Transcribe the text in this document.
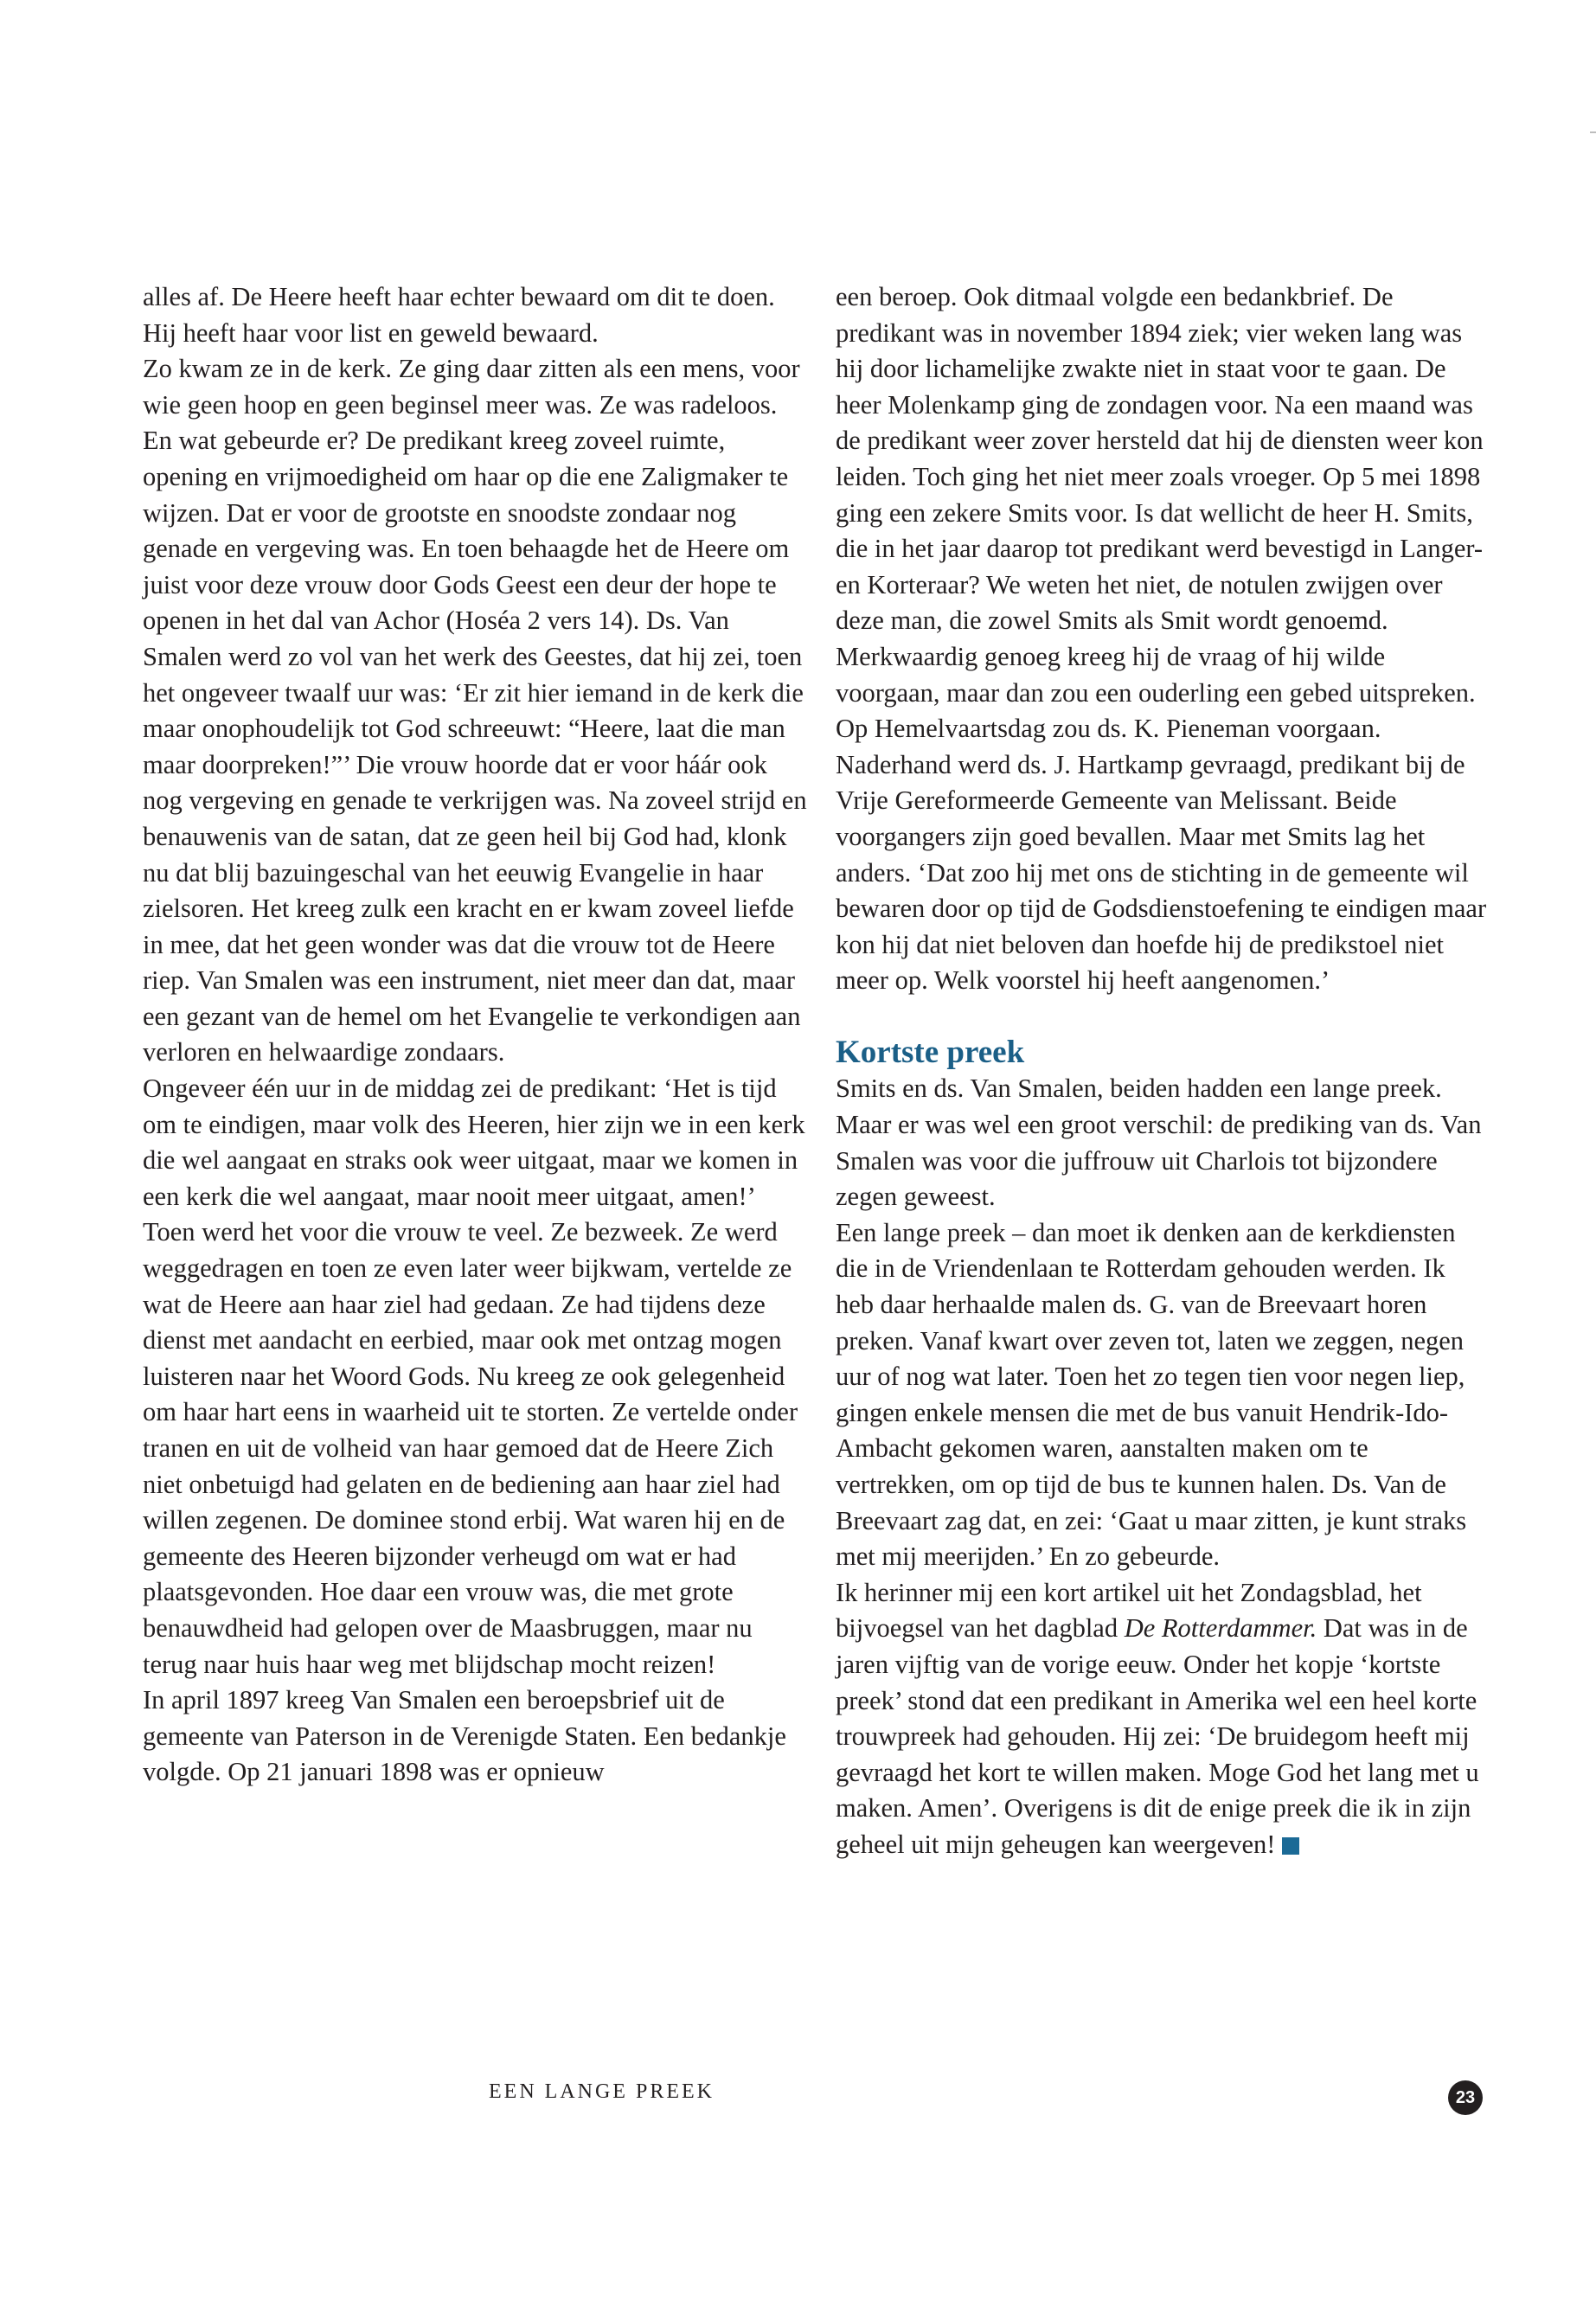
alles af. De Heere heeft haar echter bewaard om dit te doen. Hij heeft haar voor list en geweld bewaard.

Zo kwam ze in de kerk. Ze ging daar zitten als een mens, voor wie geen hoop en geen beginsel meer was. Ze was radeloos. En wat gebeurde er? De predikant kreeg zoveel ruimte, opening en vrijmoedigheid om haar op die ene Zaligmaker te wijzen. Dat er voor de grootste en snoodste zondaar nog genade en vergeving was. En toen behaagde het de Heere om juist voor deze vrouw door Gods Geest een deur der hope te openen in het dal van Achor (Hoséa 2 vers 14). Ds. Van Smalen werd zo vol van het werk des Geestes, dat hij zei, toen het ongeveer twaalf uur was: ‘Er zit hier iemand in de kerk die maar onophoudelijk tot God schreeuwt: “Heere, laat die man maar doorpreken!”’ Die vrouw hoorde dat er voor háár ook nog vergeving en genade te verkrijgen was. Na zoveel strijd en benauwenis van de satan, dat ze geen heil bij God had, klonk nu dat blij bazuingeschal van het eeuwig Evangelie in haar zielsoren. Het kreeg zulk een kracht en er kwam zoveel liefde in mee, dat het geen wonder was dat die vrouw tot de Heere riep. Van Smalen was een instrument, niet meer dan dat, maar een gezant van de hemel om het Evangelie te verkondigen aan verloren en helwaardige zondaars.

Ongeveer één uur in de middag zei de predikant: ‘Het is tijd om te eindigen, maar volk des Heeren, hier zijn we in een kerk die wel aangaat en straks ook weer uitgaat, maar we komen in een kerk die wel aangaat, maar nooit meer uitgaat, amen!’

Toen werd het voor die vrouw te veel. Ze bezweek. Ze werd weggedragen en toen ze even later weer bijkwam, vertelde ze wat de Heere aan haar ziel had gedaan. Ze had tijdens deze dienst met aandacht en eerbied, maar ook met ontzag mogen luisteren naar het Woord Gods. Nu kreeg ze ook gelegenheid om haar hart eens in waarheid uit te storten. Ze vertelde onder tranen en uit de volheid van haar gemoed dat de Heere Zich niet onbetuigd had gelaten en de bediening aan haar ziel had willen zegenen. De dominee stond erbij. Wat waren hij en de gemeente des Heeren bijzonder verheugd om wat er had plaatsgevonden. Hoe daar een vrouw was, die met grote benauwdheid had gelopen over de Maasbruggen, maar nu terug naar huis haar weg met blijdschap mocht reizen!

In april 1897 kreeg Van Smalen een beroepsbrief uit de gemeente van Paterson in de Verenigde Staten. Een bedankje volgde. Op 21 januari 1898 was er opnieuw

een beroep. Ook ditmaal volgde een bedankbrief. De predikant was in november 1894 ziek; vier weken lang was hij door lichamelijke zwakte niet in staat voor te gaan. De heer Molenkamp ging de zondagen voor. Na een maand was de predikant weer zover hersteld dat hij de diensten weer kon leiden. Toch ging het niet meer zoals vroeger. Op 5 mei 1898 ging een zekere Smits voor. Is dat wellicht de heer H. Smits, die in het jaar daarop tot predikant werd bevestigd in Langer- en Korteraar? We weten het niet, de notulen zwijgen over deze man, die zowel Smits als Smit wordt genoemd. Merkwaardig genoeg kreeg hij de vraag of hij wilde voorgaan, maar dan zou een ouderling een gebed uitspreken. Op Hemelvaartsdag zou ds. K. Pieneman voorgaan. Naderhand werd ds. J. Hartkamp gevraagd, predikant bij de Vrije Gereformeerde Gemeente van Melissant. Beide voorgangers zijn goed bevallen. Maar met Smits lag het anders. ‘Dat zoo hij met ons de stichting in de gemeente wil bewaren door op tijd de Godsdienstoefening te eindigen maar kon hij dat niet beloven dan hoefde hij de predikstoel niet meer op. Welk voorstel hij heeft aangenomen.’

Kortste preek

Smits en ds. Van Smalen, beiden hadden een lange preek. Maar er was wel een groot verschil: de prediking van ds. Van Smalen was voor die juffrouw uit Charlois tot bijzondere zegen geweest.

Een lange preek – dan moet ik denken aan de kerkdiensten die in de Vriendenlaan te Rotterdam gehouden werden. Ik heb daar herhaalde malen ds. G. van de Breevaart horen preken. Vanaf kwart over zeven tot, laten we zeggen, negen uur of nog wat later. Toen het zo tegen tien voor negen liep, gingen enkele mensen die met de bus vanuit Hendrik-Ido-Ambacht gekomen waren, aanstalten maken om te vertrekken, om op tijd de bus te kunnen halen. Ds. Van de Breevaart zag dat, en zei: ‘Gaat u maar zitten, je kunt straks met mij meerijden.’ En zo gebeurde.

Ik herinner mij een kort artikel uit het Zondagsblad, het bijvoegsel van het dagblad De Rotterdammer. Dat was in de jaren vijftig van de vorige eeuw. Onder het kopje ‘kortste preek’ stond dat een predikant in Amerika wel een heel korte trouwpreek had gehouden. Hij zei: ‘De bruidegom heeft mij gevraagd het kort te willen maken. Moge God het lang met u maken. Amen’. Overigens is dit de enige preek die ik in zijn geheel uit mijn geheugen kan weergeven!

EEN LANGE PREEK	23
